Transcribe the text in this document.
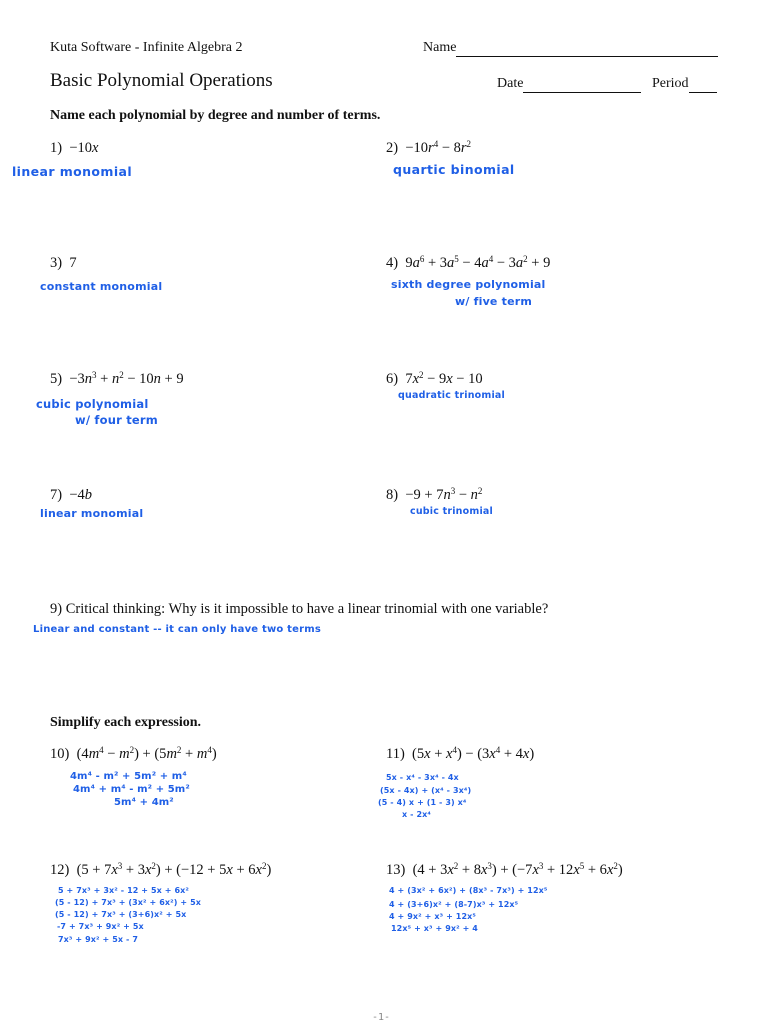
Kuta Software - Infinite Algebra 2	Name
Basic Polynomial Operations	Date	Period
Name each polynomial by degree and number of terms.
1)  −10x
linear monomial
$2) -10r^4 - 8r^2$
quartic binomial
3)  7
constant monomial
4)  $9a^6 + 3a^5 - 4a^4 - 3a^2 + 9$
sixth degree polynomial
w/ five term
$5) -3n^3 + n^2 - 10n + 9$
cubic polynomial
w/ four term
6)  $7x^2 - 9x - 10$
quadratic trinomial
7)  −4b
linear monomial
$8) -9 + 7n^3 - n^2$
cubic trinomial
9) Critical thinking: Why is it impossible to have a linear trinomial with one variable?
Linear and constant -- it can only have two terms
Simplify each expression.
10)  $(4m^4 - m^2) + (5m^2 + m^4)$
4m⁴ - m² + 5m² + m⁴
4m⁴ + m⁴ - m² + 5m²
5m⁴ + 4m²
11)  $(5x + x^4) - (3x^4 + 4x)$
5x - x⁴ - 3x⁴ - 4x
(5x - 4x) + (x⁴ - 3x⁴)
(5 - 4) x + (1 - 3) x⁴
x - 2x⁴
12)  $(5 + 7x^3 + 3x^2) + (-12 + 5x + 6x^2)$
5 + 7x³ + 3x² - 12 + 5x + 6x²
(5 - 12) + 7x³ + (3x² + 6x²) + 5x
(5 - 12) + 7x³ + (3+6)x² + 5x
-7 + 7x³ + 9x² + 5x
7x³ + 9x² + 5x - 7
13)  $(4 + 3x^2 + 8x^3) + (-7x^3 + 12x^5 + 6x^2)$
4 + (3x² + 6x²) + (8x³ - 7x³) + 12x⁵
4 + (3+6)x² + (8-7)x³ + 12x⁵
4 + 9x² + x³ + 12x⁵
12x⁵ + x³ + 9x² + 4
-1-
